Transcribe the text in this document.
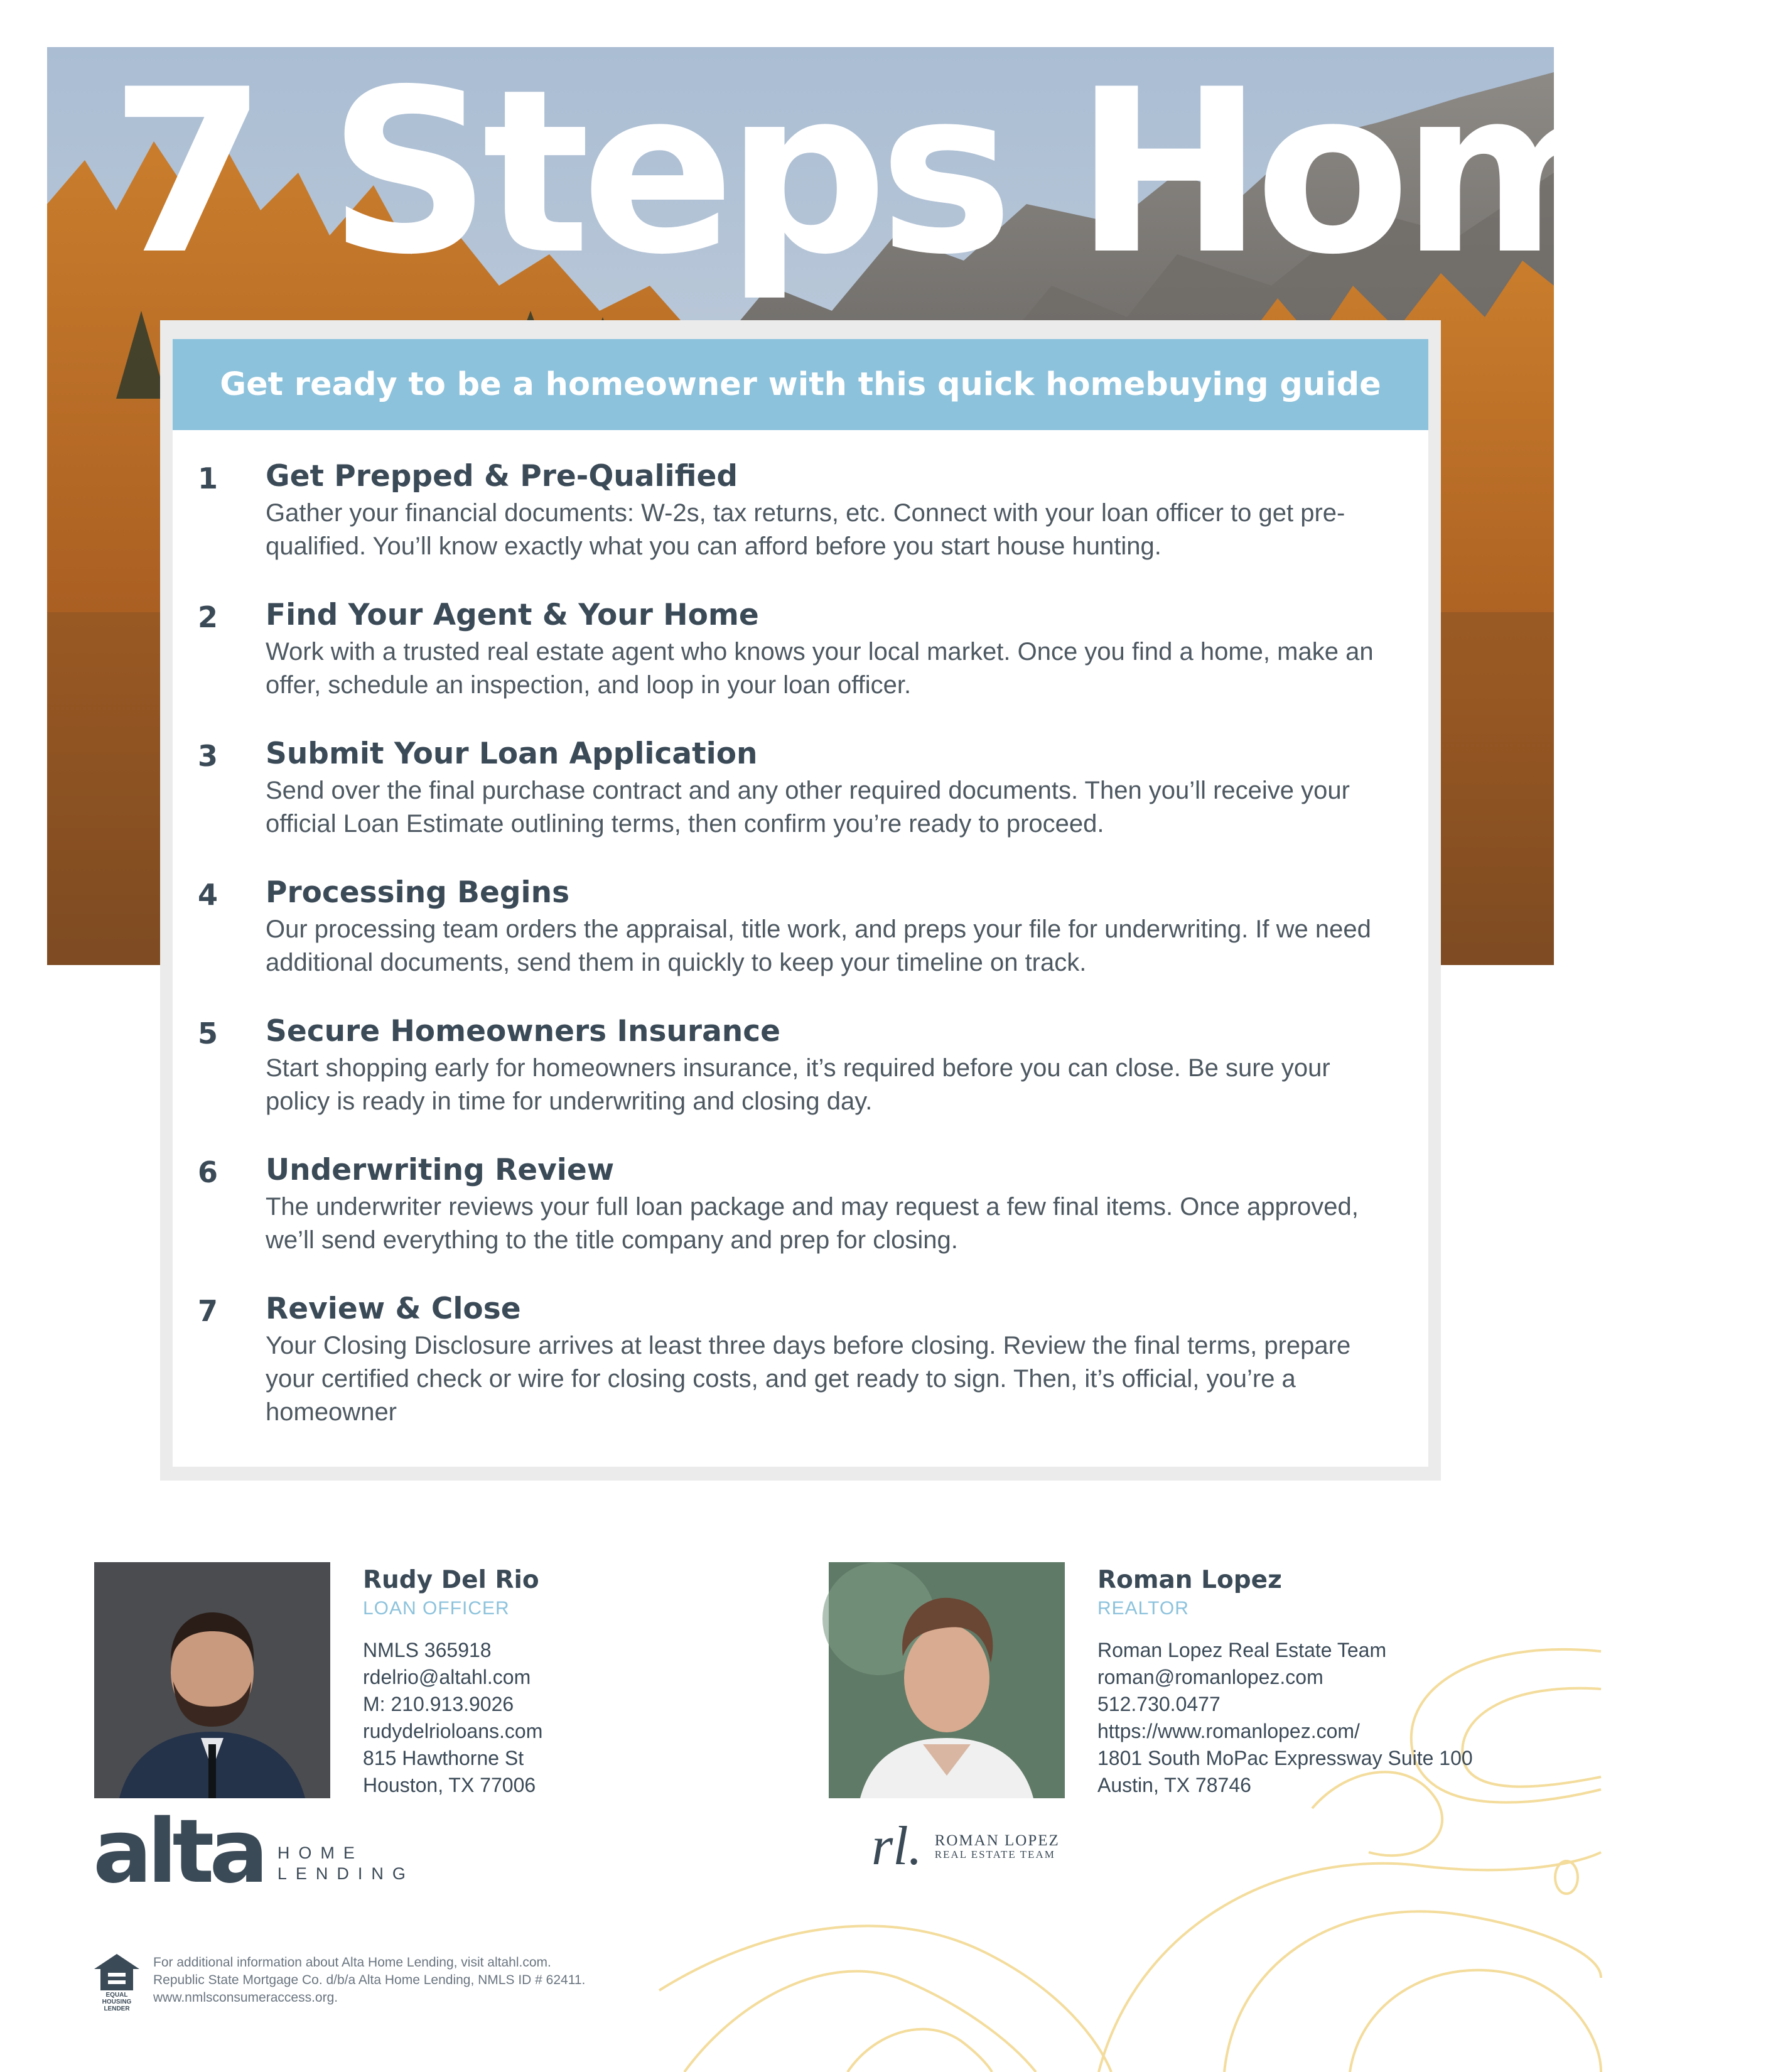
7 Steps Home
Get ready to be a homeowner with this quick homebuying guide
1 Get Prepped & Pre-Qualified
Gather your financial documents: W-2s, tax returns, etc. Connect with your loan officer to get pre-qualified. You’ll know exactly what you can afford before you start house hunting.
2 Find Your Agent & Your Home
Work with a trusted real estate agent who knows your local market. Once you find a home, make an offer, schedule an inspection, and loop in your loan officer.
3 Submit Your Loan Application
Send over the final purchase contract and any other required documents. Then you’ll receive your official Loan Estimate outlining terms, then confirm you’re ready to proceed.
4 Processing Begins
Our processing team orders the appraisal, title work, and preps your file for underwriting. If we need additional documents, send them in quickly to keep your timeline on track.
5 Secure Homeowners Insurance
Start shopping early for homeowners insurance, it’s required before you can close. Be sure your policy is ready in time for underwriting and closing day.
6 Underwriting Review
The underwriter reviews your full loan package and may request a few final items. Once approved, we’ll send everything to the title company and prep for closing.
7 Review & Close
Your Closing Disclosure arrives at least three days before closing. Review the final terms, prepare your certified check or wire for closing costs, and get ready to sign. Then, it’s official, you’re a homeowner
Rudy Del Rio
LOAN OFFICER
NMLS 365918
rdelrio@altahl.com
M: 210.913.9026
rudydelrioloans.com
815 Hawthorne St
Houston, TX 77006
Roman Lopez
REALTOR
Roman Lopez Real Estate Team
roman@romanlopez.com
512.730.0477
https://www.romanlopez.com/
1801 South MoPac Expressway Suite 100
Austin, TX 78746
alta HOME
LENDING	rl. ROMAN LOPEZ
REAL ESTATE TEAM
EQUAL HOUSING
LENDER
For additional information about Alta Home Lending, visit altahl.com.
Republic State Mortgage Co. d/b/a Alta Home Lending, NMLS ID # 62411.
www.nmlsconsumeraccess.org.
